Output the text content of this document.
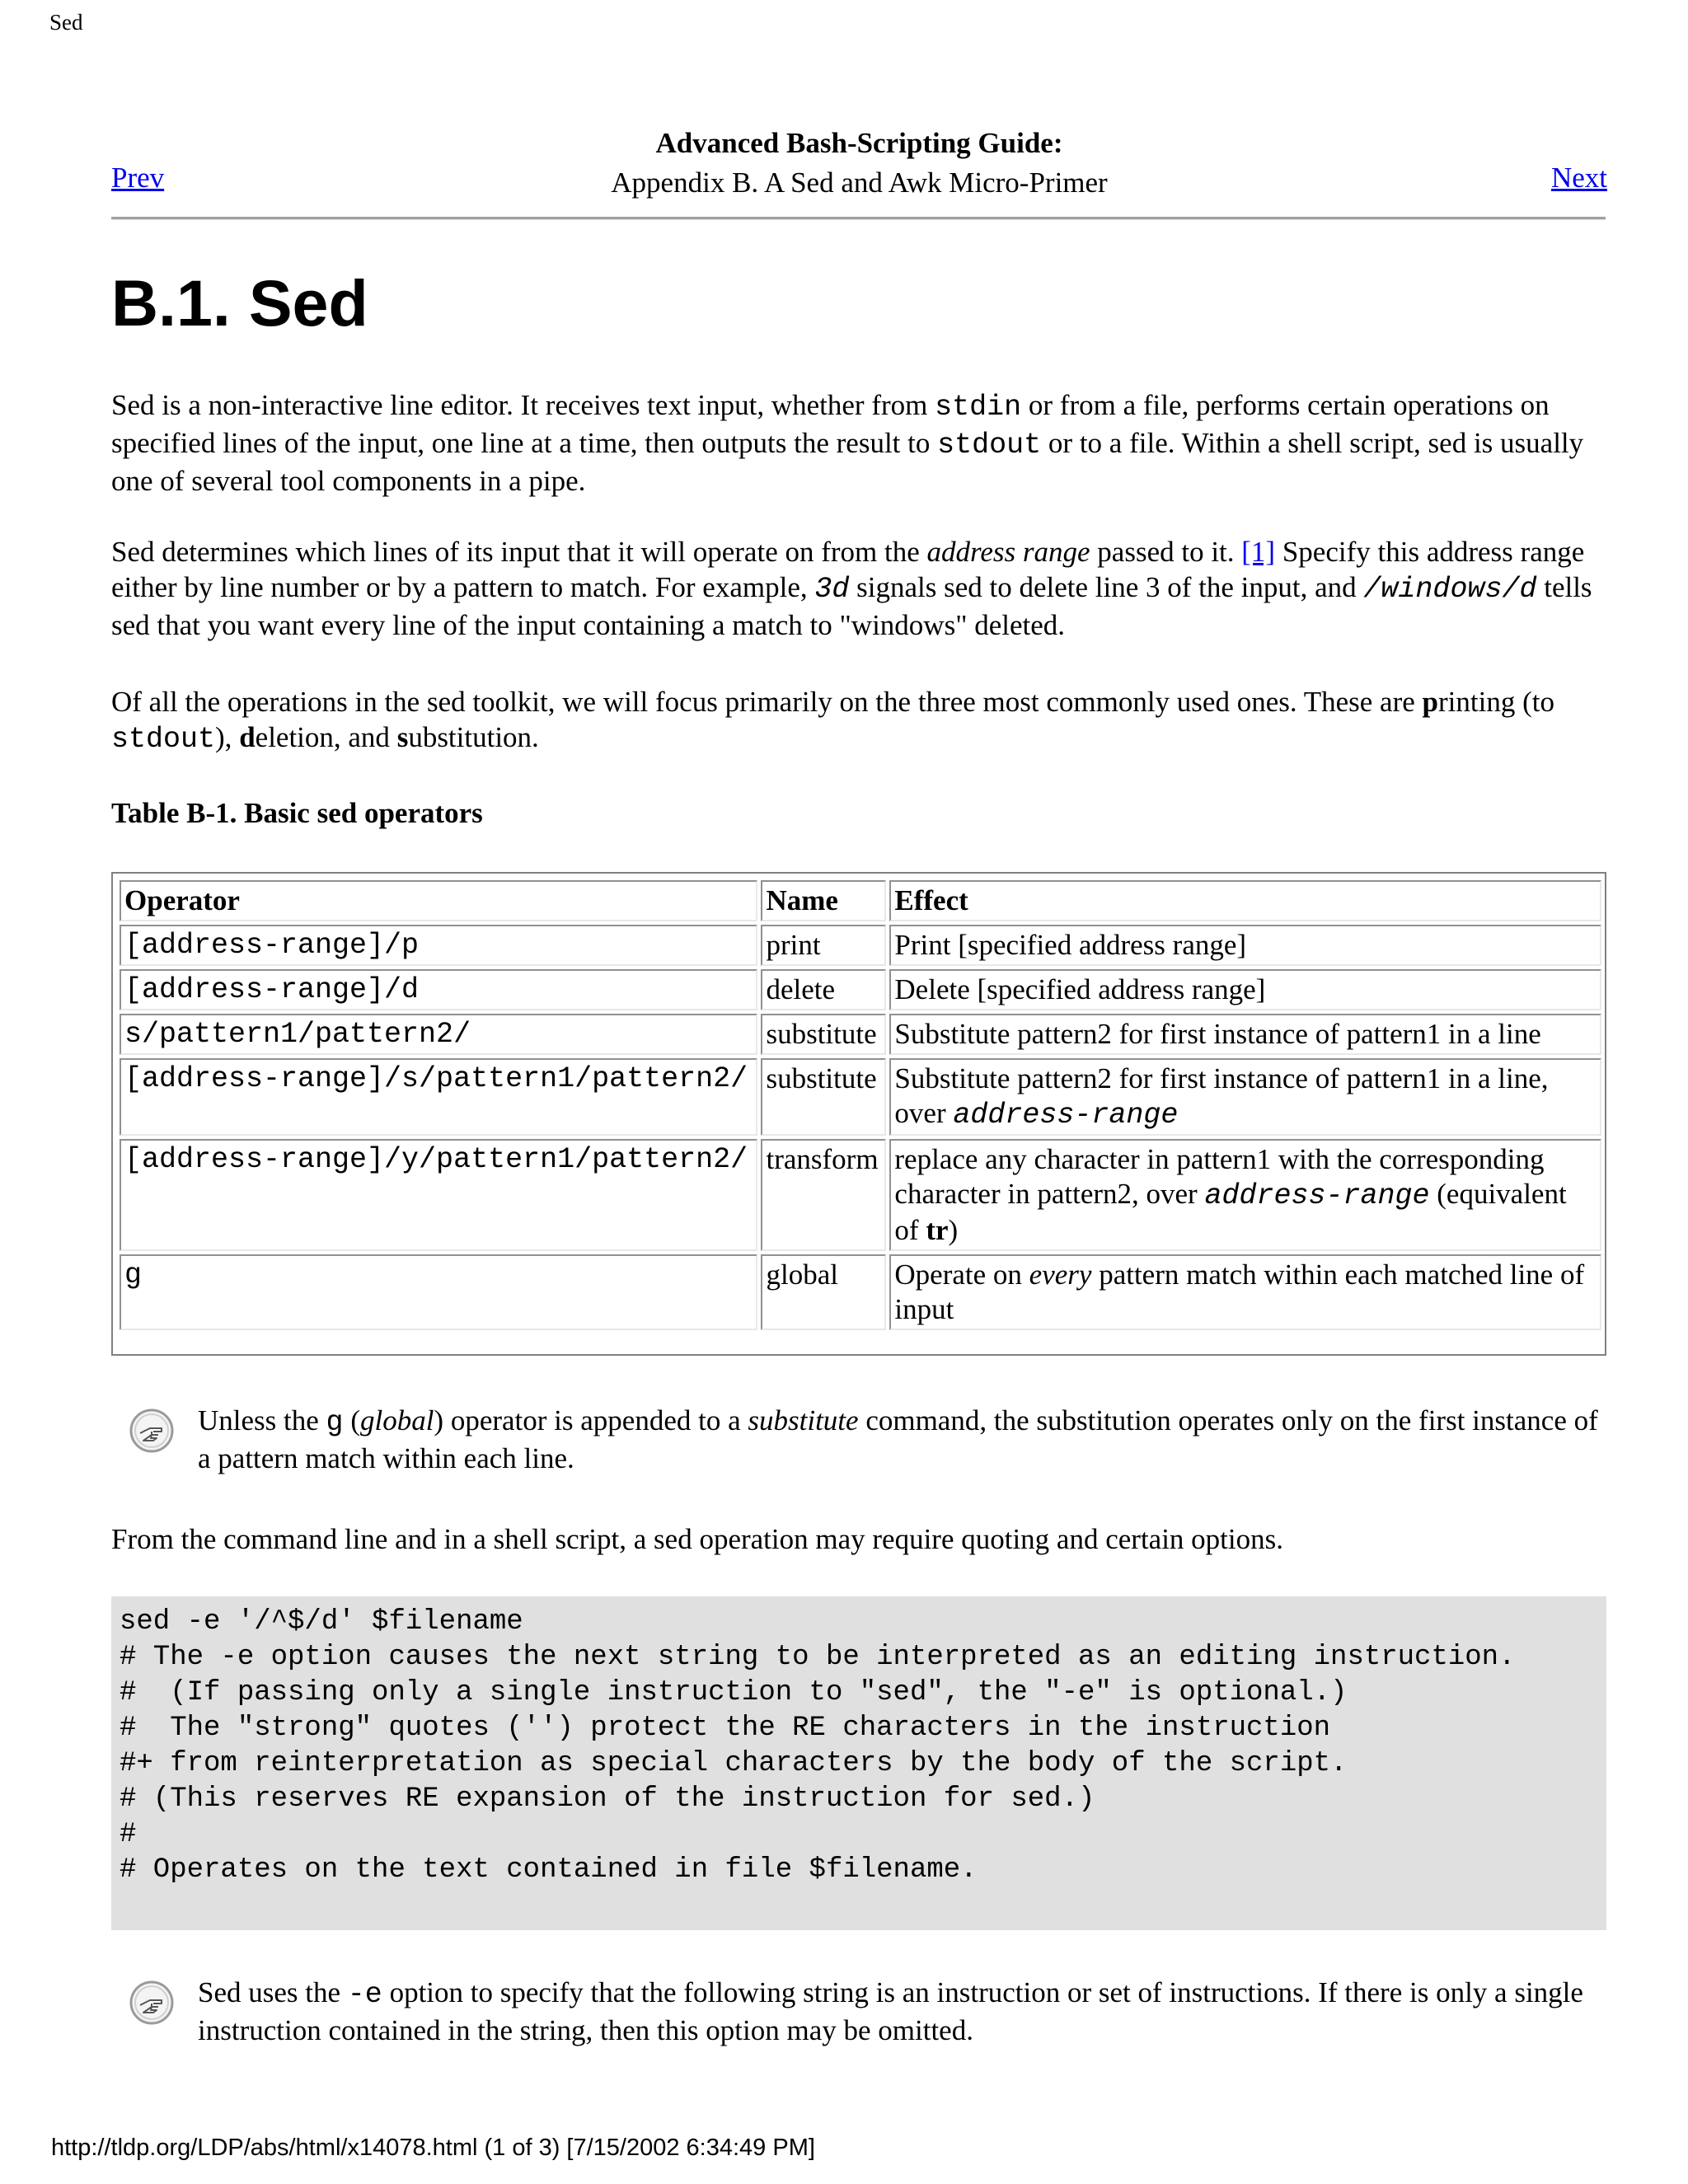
Sed
Advanced Bash-Scripting Guide:
Appendix B. A Sed and Awk Micro-Primer
Prev	Next
B.1. Sed
Sed is a non-interactive line editor. It receives text input, whether from stdin or from a file, performs certain operations on specified lines of the input, one line at a time, then outputs the result to stdout or to a file. Within a shell script, sed is usually one of several tool components in a pipe.
Sed determines which lines of its input that it will operate on from the address range passed to it. [1] Specify this address range either by line number or by a pattern to match. For example, 3d signals sed to delete line 3 of the input, and /windows/d tells sed that you want every line of the input containing a match to "windows" deleted.
Of all the operations in the sed toolkit, we will focus primarily on the three most commonly used ones. These are printing (to stdout), deletion, and substitution.
Table B-1. Basic sed operators
Operator	Name	Effect
[address-range]/p	print	Print [specified address range]
[address-range]/d	delete	Delete [specified address range]
s/pattern1/pattern2/	substitute	Substitute pattern2 for first instance of pattern1 in a line
[address-range]/s/pattern1/pattern2/	substitute	Substitute pattern2 for first instance of pattern1 in a line, over address-range
[address-range]/y/pattern1/pattern2/	transform	replace any character in pattern1 with the corresponding character in pattern2, over address-range (equivalent of tr)
g	global	Operate on every pattern match within each matched line of input
Unless the g (global) operator is appended to a substitute command, the substitution operates only on the first instance of a pattern match within each line.
From the command line and in a shell script, a sed operation may require quoting and certain options.
sed -e '/^$/d' $filename
# The -e option causes the next string to be interpreted as an editing instruction.
#  (If passing only a single instruction to "sed", the "-e" is optional.)
#  The "strong" quotes ('') protect the RE characters in the instruction
#+ from reinterpretation as special characters by the body of the script.
# (This reserves RE expansion of the instruction for sed.)
#
# Operates on the text contained in file $filename.
Sed uses the -e option to specify that the following string is an instruction or set of instructions. If there is only a single instruction contained in the string, then this option may be omitted.
http://tldp.org/LDP/abs/html/x14078.html (1 of 3) [7/15/2002 6:34:49 PM]
